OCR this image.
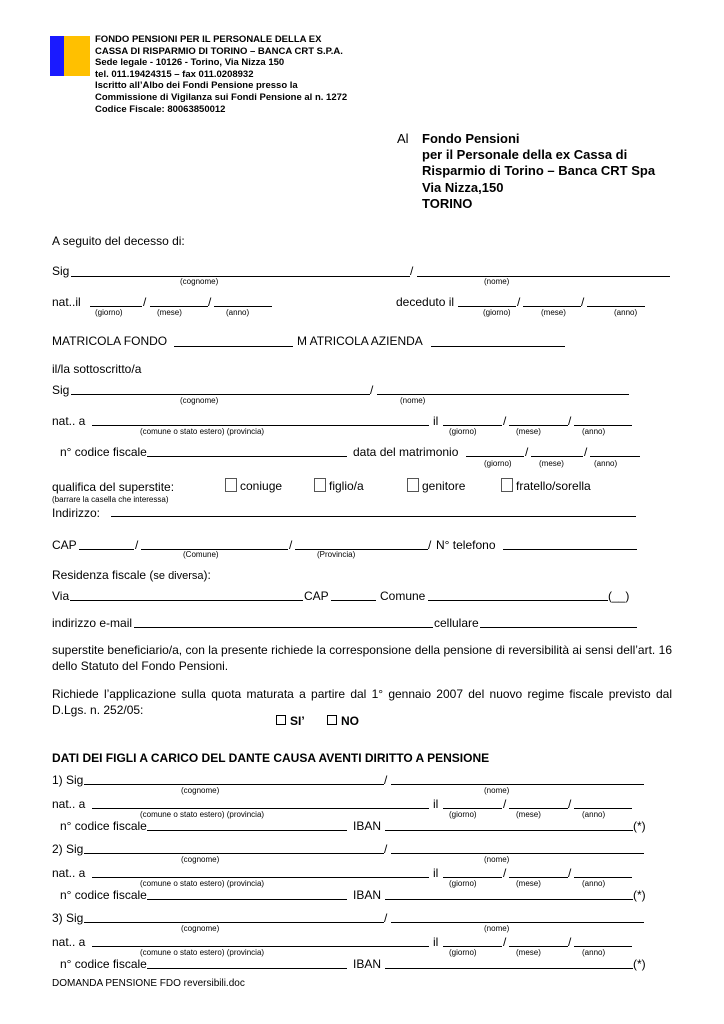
FONDO PENSIONI PER IL PERSONALE DELLA EX
CASSA DI RISPARMIO DI TORINO – BANCA CRT S.P.A.
Sede legale - 10126 - Torino, Via Nizza 150
tel. 011.19424315 – fax 011.0208932
Iscritto all’Albo dei Fondi Pensione presso la
Commissione di Vigilanza sui Fondi Pensione al n. 1272
Codice Fiscale: 80063850012
Al Fondo Pensioni
per il Personale della ex Cassa di
Risparmio di Torino – Banca CRT Spa
Via Nizza,150
TORINO
A seguito del decesso di:
Sig	/
(cognome)	(nome)
nat..il	/	/
(giorno)	(mese)	(anno)
deceduto il	/	/
(giorno)	(mese)	(anno)
MATRICOLA FONDO	M ATRICOLA AZIENDA
il/la sottoscritto/a
Sig	/
(cognome)	(nome)
nat.. a	il	/	/
(comune o stato estero) (provincia)	(giorno)	(mese)	(anno)
n° codice fiscale	data del matrimonio	/	/
(giorno)	(mese)	(anno)
qualifica del superstite:
(barrare la casella che interessa)
coniuge	figlio/a	genitore	fratello/sorella
Indirizzo:
CAP	/	/	/ N° telefono
(Comune)	(Provincia)
Residenza fiscale (se diversa):
Via	CAP	Comune	(__)
indirizzo e-mail	cellulare
superstite beneficiario/a, con la presente richiede la corresponsione della pensione di reversibilità ai sensi dell’art. 16 dello Statuto del Fondo Pensioni.
Richiede l’applicazione sulla quota maturata a partire dal 1° gennaio 2007 del nuovo regime fiscale previsto dal D.Lgs. n. 252/05:
SI’	NO
DATI DEI FIGLI A CARICO DEL DANTE CAUSA AVENTI DIRITTO A PENSIONE
1) Sig	/
(cognome)	(nome)
nat.. a	il	/	/
(comune o stato estero) (provincia)	(giorno)	(mese)	(anno)
n° codice fiscale	IBAN	(*)
2) Sig	/
(cognome)	(nome)
nat.. a	il	/	/
(comune o stato estero) (provincia)	(giorno)	(mese)	(anno)
n° codice fiscale	IBAN	(*)
3) Sig	/
(cognome)	(nome)
nat.. a	il	/	/
(comune o stato estero) (provincia)	(giorno)	(mese)	(anno)
n° codice fiscale	IBAN	(*)
DOMANDA PENSIONE FDO reversibili.doc
